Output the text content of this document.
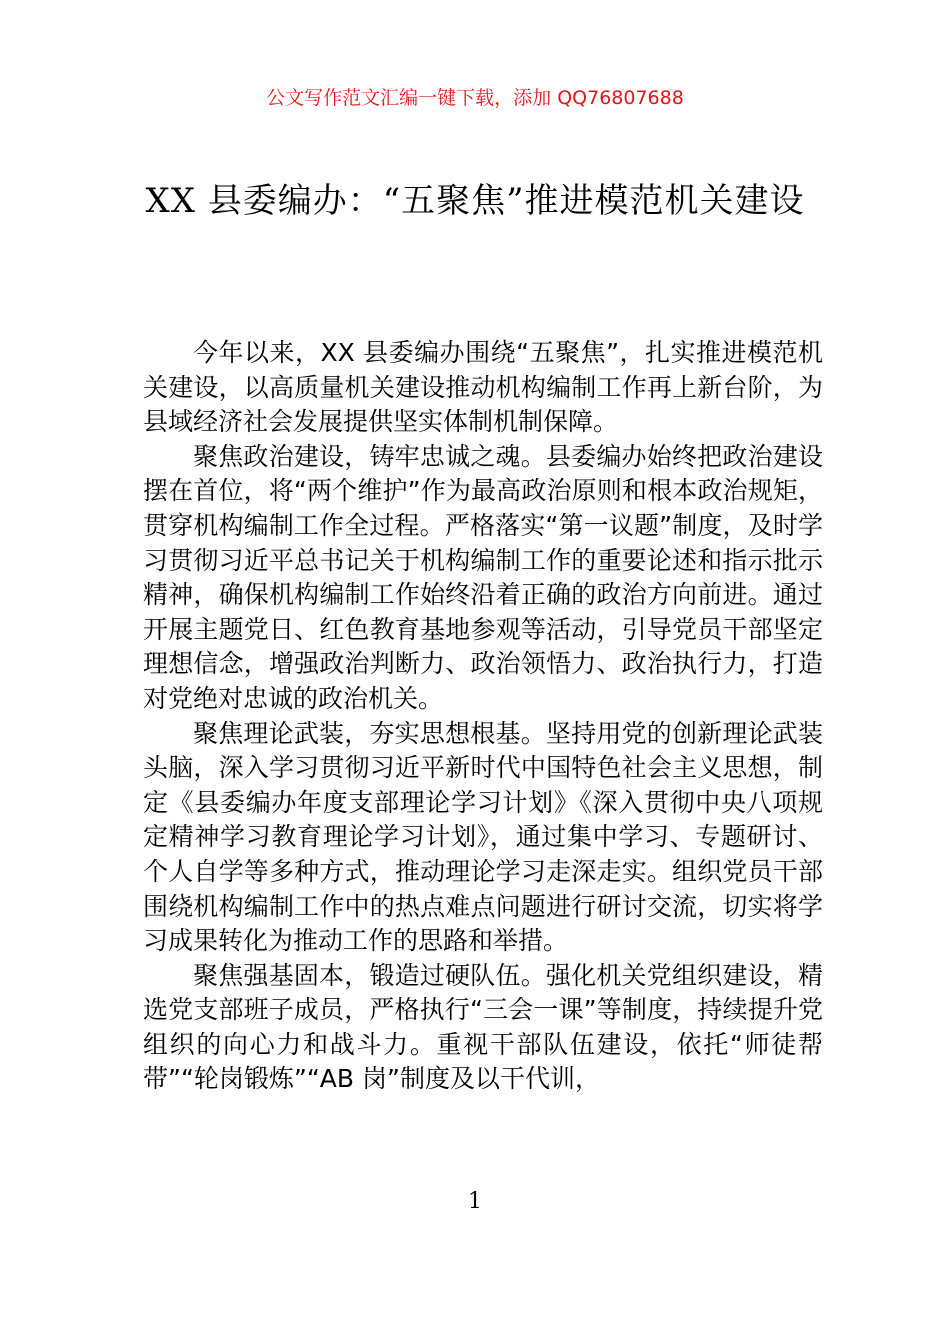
公文写作范文汇编一键下载，添加 QQ76807688
XX 县委编办：“五聚焦”推进模范机关建设

今年以来，XX 县委编办围绕“五聚焦”，扎实推进模范机关建设，以高质量机关建设推动机构编制工作再上新台阶，为县域经济社会发展提供坚实体制机制保障。

聚焦政治建设，铸牢忠诚之魂。县委编办始终把政治建设摆在首位，将“两个维护”作为最高政治原则和根本政治规矩，贯穿机构编制工作全过程。严格落实“第一议题”制度，及时学习贯彻习近平总书记关于机构编制工作的重要论述和指示批示精神，确保机构编制工作始终沿着正确的政治方向前进。通过开展主题党日、红色教育基地参观等活动，引导党员干部坚定理想信念，增强政治判断力、政治领悟力、政治执行力，打造对党绝对忠诚的政治机关。

聚焦理论武装，夯实思想根基。坚持用党的创新理论武装头脑，深入学习贯彻习近平新时代中国特色社会主义思想，制定《县委编办年度支部理论学习计划》《深入贯彻中央八项规定精神学习教育理论学习计划》，通过集中学习、专题研讨、个人自学等多种方式，推动理论学习走深走实。组织党员干部围绕机构编制工作中的热点难点问题进行研讨交流，切实将学习成果转化为推动工作的思路和举措。

聚焦强基固本，锻造过硬队伍。强化机关党组织建设，精选党支部班子成员，严格执行“三会一课”等制度，持续提升党组织的向心力和战斗力。重视干部队伍建设，依托“师徒帮带”“轮岗锻炼”“AB 岗”制度及以干代训，

1
